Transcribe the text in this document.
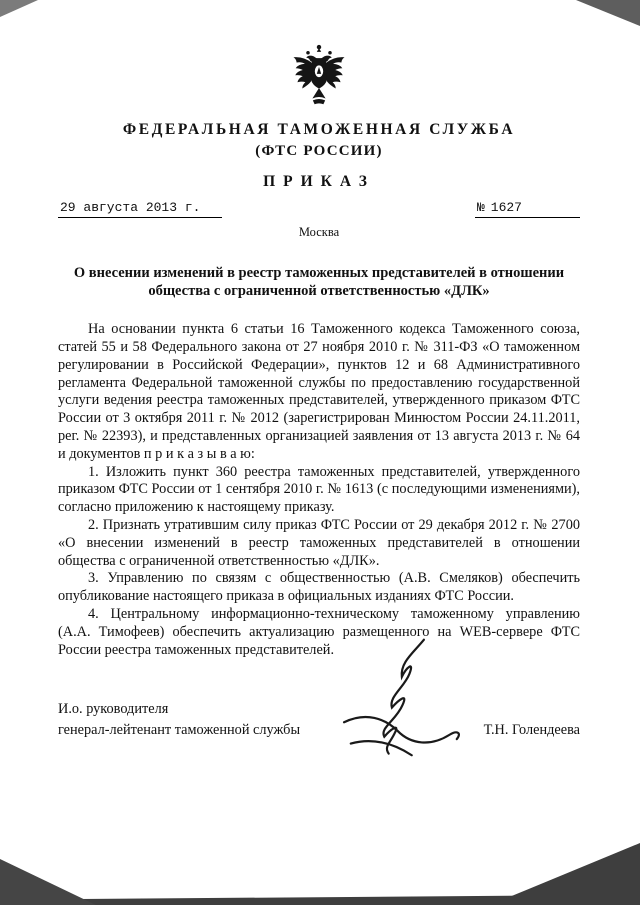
ФЕДЕРАЛЬНАЯ ТАМОЖЕННАЯ СЛУЖБА
(ФТС РОССИИ)
ПРИКАЗ
29 августа 2013 г.	№ 1627
Москва
О внесении изменений в реестр таможенных представителей в отношении общества с ограниченной ответственностью «ДЛК»

На основании пункта 6 статьи 16 Таможенного кодекса Таможенного союза, статей 55 и 58 Федерального закона от 27 ноября 2010 г. № 311-ФЗ «О таможенном регулировании в Российской Федерации», пунктов 12 и 68 Административного регламента Федеральной таможенной службы по предоставлению государственной услуги ведения реестра таможенных представителей, утвержденного приказом ФТС России от 3 октября 2011 г. № 2012 (зарегистрирован Минюстом России 24.11.2011, рег. № 22393), и представленных организацией заявления от 13 августа 2013 г. № 64 и документов п р и к а з ы в а ю:

1. Изложить пункт 360 реестра таможенных представителей, утвержденного приказом ФТС России от 1 сентября 2010 г. № 1613 (с последующими изменениями), согласно приложению к настоящему приказу.

2. Признать утратившим силу приказ ФТС России от 29 декабря 2012 г. № 2700 «О внесении изменений в реестр таможенных представителей в отношении общества с ограниченной ответственностью «ДЛК».

3. Управлению по связям с общественностью (А.В. Смеляков) обеспечить опубликование настоящего приказа в официальных изданиях ФТС России.

4. Центральному информационно-техническому таможенному управлению (А.А. Тимофеев) обеспечить актуализацию размещенного на WEB-сервере ФТС России реестра таможенных представителей.

И.о. руководителя
генерал-лейтенант таможенной службы	Т.Н. Голендеева
